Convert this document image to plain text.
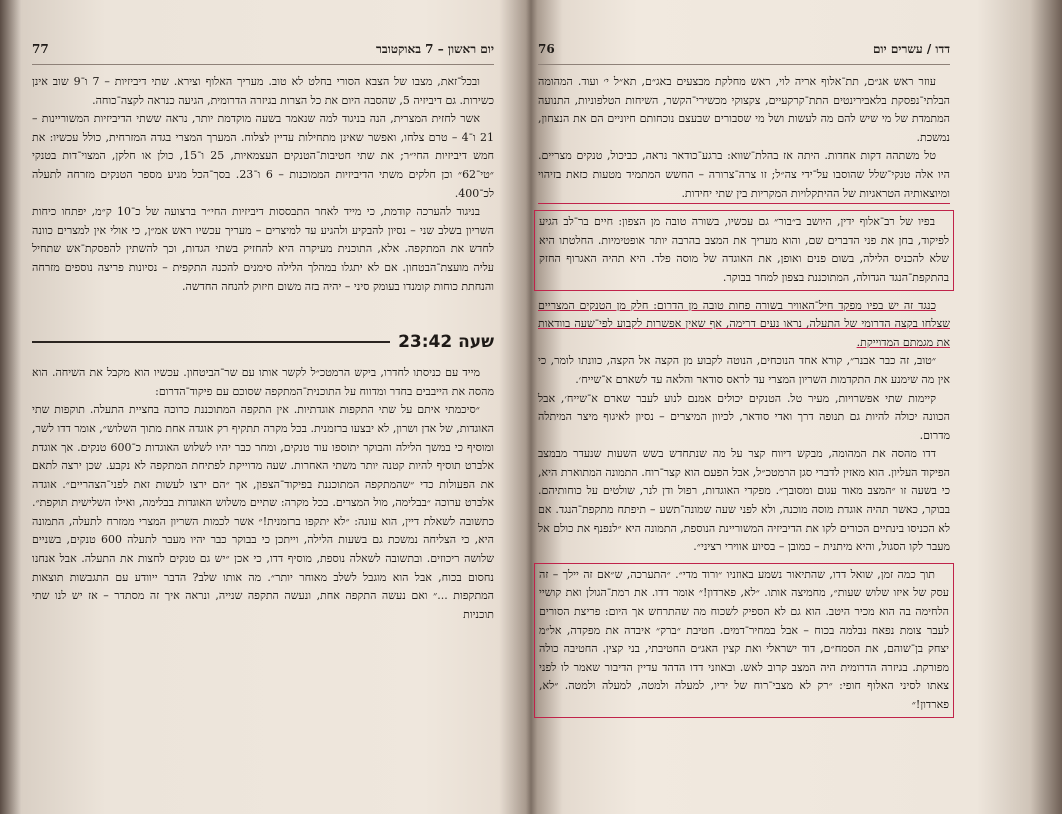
יום ראשון – 7 באוקטובר
77

ובכל־זאת, מצבו של הצבא הסורי בחלט לא טוב. מעריך האלוף וצירא. שתי דיביזיות – 7 ו־9 שוב אינן כשירות. גם דיביזיה 5, שהסבה היום את כל הצרות בגיזרה הדרומית, הגיעה כנראה לקצה־כוחה.

אשר לחזית המצרית, הנה בניגוד למה שנאמר בשעה מוקדמת יותר, נראה ששתי הדיביזיות המשוריינות – 21 ו־4 – טרם צלחו, ואפשר שאינן מתחילות עדיין לצלוח. המערך המצרי בגדה המזרחית, כולל עכשיו: את חמש דיביזיות החי״ר; את שתי חטיבות־הטנקים העצמאיות, 25 ו־15, כולן או חלקן, המצוי־דות בטנקי ״טי־62״ וכן חלקים משתי הדיביזיות הממוכנות – 6 ו־23. בסך־הכל מגיע מספר הטנקים מזרחה לתעלה לכ־400.

בניגוד להערכה קודמת, כי מייד לאחר התבססות דיביזיות החי״ר ברצועה של כ־10 ק״מ, יפתחו כיחות השריון בשלב שני – נסיון להבקיע ולהגיע עד למיצרים – מעריך עכשיו ראש אמ״ן, כי אולי אין למצרים כוונה לחדש את המתקפה. אלא, התוכנית מעיקרה היא להחזיק בשתי הגדות, וכך להשתין להפסקת־אש שתחיל עליה מועצת־הבטחון. אם לא יתגלו במהלך הלילה סימנים להכנה התקפית – נסיונות פריצה נוספים מזרחה והנחתת כוחות קומנדו בעומק סיני – יהיה בזה משום חיזוק להנחה החדשה.

שעה 23:42

מייד עם כניסתו לחדרו, ביקש הרמטכ״ל לקשר אותו עם שר־הביטחון. עכשיו הוא מקבל את השיחה. הוא מהסה את הייבבים בחדר ומדווח על התוכנית־המתקפה שסוכם עם פיקוד־הדרום:

״סיכמתי איתם על שתי התקפות אוגדתיות. אין התקפה המתוכננת כרוכה בחציית התעלה. תוקפות שתי האוגדות, של אדן ושרון, לא יבצעו ברזמנית. בכל מקרה תתקיף רק אוגדה אחת מתוך השלוש״, אומר דדו לשר, ומוסיף כי במשך הלילה והבוקר יתוספו עוד טנקים, ומחר כבר יהיו לשלוש האוגדות כ־600 טנקים. אך אוגדת אלברט תוסיף להיות קטנה יותר משתי האחרות. שעה מדוייקת לפתיחת המתקפה לא נקבע. שכן ירצה לתאם את הפעולות כדי ״שהמתקפה המתוכננת בפיקוד־הצפון, אך ״הם ירצו לעשות זאת לפני־הצהריים״. אוגדה אלברט ערוכה ״בבלימה, מול המצרים. בכל מקרה: שתיים משלוש האוגדות בבלימה, ואילו השלישית תוקפת״. כתשובה לשאלת דיין, הוא עונה: ״לא יתקפו ברזמנית!״ אשר לכמות השריון המצרי ממזרח לתעלה, התמונה היא, כי הצליחה נמשכת גם בשעות הלילה, וייתכן כי בבוקר כבר יהיו מעבר לתעלה 600 טנקים, בשניים שלושה ריכוזים. ובתשובה לשאלה נוספת, מוסיף דדו, כי אכן ״יש גם טנקים לחצות את התעלה. אבל אנחנו נחסום בכוח, אבל הוא מוגבל לשלב מאוחר יותר״. מה אותו שלב? הדבר ייוודע עם התגבשות תוצאות המתקפות ...״ ואם נעשה התקפה אחת, ונעשה התקפה שנייה, ונראה איך זה מסתדר – אז יש לנו שתי תוכניות

דדו / עשרים יום
76

עוזר ראש אג״ם, תת־אלוף אריה לוי, ראש מחלקת מבצעים באג״ם, תא״ל י׳ ועוד. המהומה הבלתי־נפסקת בלאבירינטים התת־קרקעיים, צקצוקי מכשירי־הקשר, השיחות הטלפוניות, התנועה המתמדת של מי שיש להם מה לעשות ושל מי שסבורים שבעצם נוכחותם חיוניים הם את הנצחון, נמשכת.

טל משתהה דקות אחדות. היתה אז בהלת־שווא: ברגע־כודאר נראה, כביכול, טנקים מצריים. היו אלה טנקי־שלל שהוסבו על־ידי צה״ל; זו צרה־צרורה – החשש המתמיד מטעות כזאת בזיהוי ומיוצאותיה הטראגיות של ההיתקלויות המקריות בין שתי יחידות.

בפיו של רב־אלוף ידין, היושב ב״בור״ גם עכשיו, בשורה טובה מן הצפון: חיים בר־לב הגיע לפיקוד, בחן את פני הדברים שם, והוא מעריך את המצב בהרבה יותר אופטימיות. החלטתו היא שלא להכניס הלילה, בשום פנים ואופן, את האוגדה של מוסה פלד. היא תהיה האגרוף החזק בהתקפת־הנגד הגדולה, המתוכננת בצפון למחר בבוקר.

כנגד זה יש בפיו מפקד חיל־האוויר בשורה פחות טובה מן הדרום: חלק מן הטנקים המצריים שצלחו בקצה הדרומי של התעלה, נראו נעים דרימה, אף שאין אפשרות לקבוע לפי־שעה בוודאות את מגמתם המדוייקת.

״טוב, זה כבר אבנר״, קורא אחד הנוכחים, הנוטה לקבוע מן הקצה אל הקצה, כוונתו לומר, כי אין מה שימנע את התקדמות השריון המצרי עד לראס סודאר והלאה עד לשארם א־שייח׳.

קיימות שתי אפשרויות, מעיר טל. הטנקים יכולים אמנם לנוע לעבר שארם א־שייח׳, אבל הכוונה יכולה להיות גם תנופה דרך ואדי סודאר, לכיוון המיצרים – נסיון לאיגוף מיצר המיתלה מדרום.

דדו מהסה את המהומה, מבקש דיווח קצר על מה שנתחדש בשש השעות שנעדר מבמצב הפיקוד העליון. הוא מאזין לדברי סגן הרמטכ״ל, אבל הפעם הוא קצר־רוח. התמונה המתוארת היא, כי בשעה זו ״המצב מאוד עגום ומסובך״. מפקדי האוגדות, רפול ודן לנר, שולטים על כוחותיהם. בבוקר, כאשר תהיה אוגדת מוסה מוכנה, ולא לפני שעה שמונה־תשע – תיפתח מתקפת־הנגד. אם לא הכניסו בינתיים הכורים לקו את הדיביזיה המשוריינת הנוספת, התמונה היא ״לנפנף את כולם אל מעבר לקו הסגול, והיא מיתנית – כמובן – בסיוע אווירי רציני״.

תוך כמה זמן, שואל דדו, שהתיאור נשמע באוזניו ״ורוד מדי״. ״התערכה, ש״אם זה יילך – זה עסק של איזו שלוש שעות״, מחמיצה אותו. ״לא, פארדון!״ אומר דדו. את רמת־הגולן ואת קושיי הלחימה בה הוא מכיר היטב. הוא גם לא הספיק לשכוח מה שהתרחש אך היום: פריצת הסורים לעבר צומת נפאח נבלמה בכוח – אבל במחיר־דמים. חטיבת ״ברק״ איבדה את מפקדה, אל״מ יצחק בן־שוהם, את הסמח״ם, דוד ישראלי ואת קצין האג״ם החטיבתי, בני קצין. החטיבה כולה מפורקת. בגיזרה הדרומית היה המצב קרוב לאש. ובאוזני דדו הדהד עדיין הדיבור שאמר לו לפני צאתו לסיני האלוף חופי: ״רק לא מצבי־רוח של יריו, למעלה ולמטה, למעלה ולמטה. ״לא, פארדון!״
